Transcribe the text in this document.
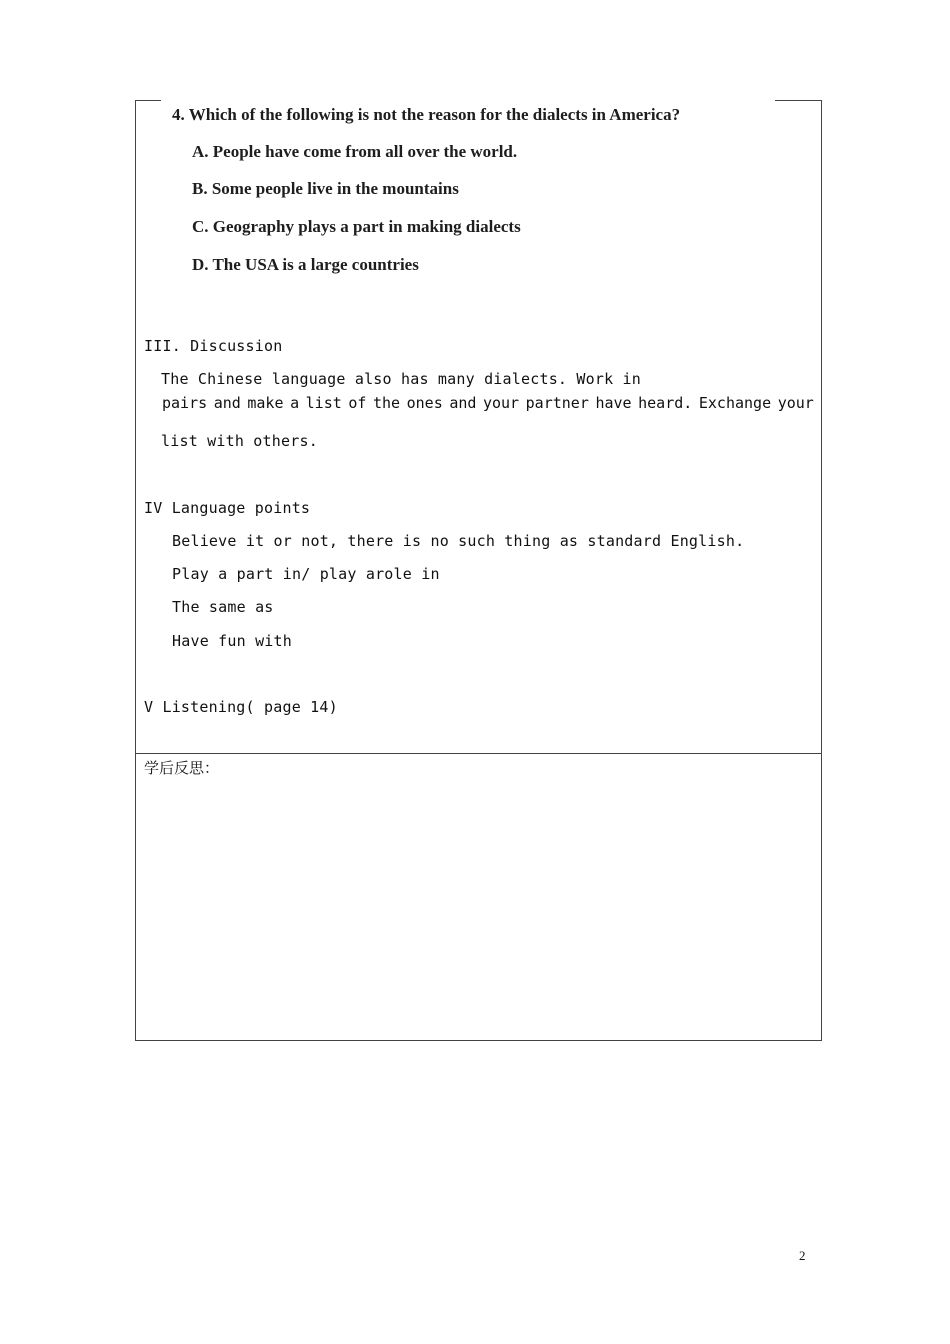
4. Which of the following is not the reason for the dialects in America?
A. People have come from all over the world.
B. Some people live in the mountains
C. Geography plays a part in making dialects
D. The USA is a large countries
III. Discussion
The Chinese language also has many dialects. Work in
pairs and make a list of the ones and your partner have heard. Exchange your
list with others.
IV Language points
Believe it or not, there is no such thing as standard English.
Play a part in/ play arole in
The same as
Have fun with
V Listening( page 14)
学后反思：
2
